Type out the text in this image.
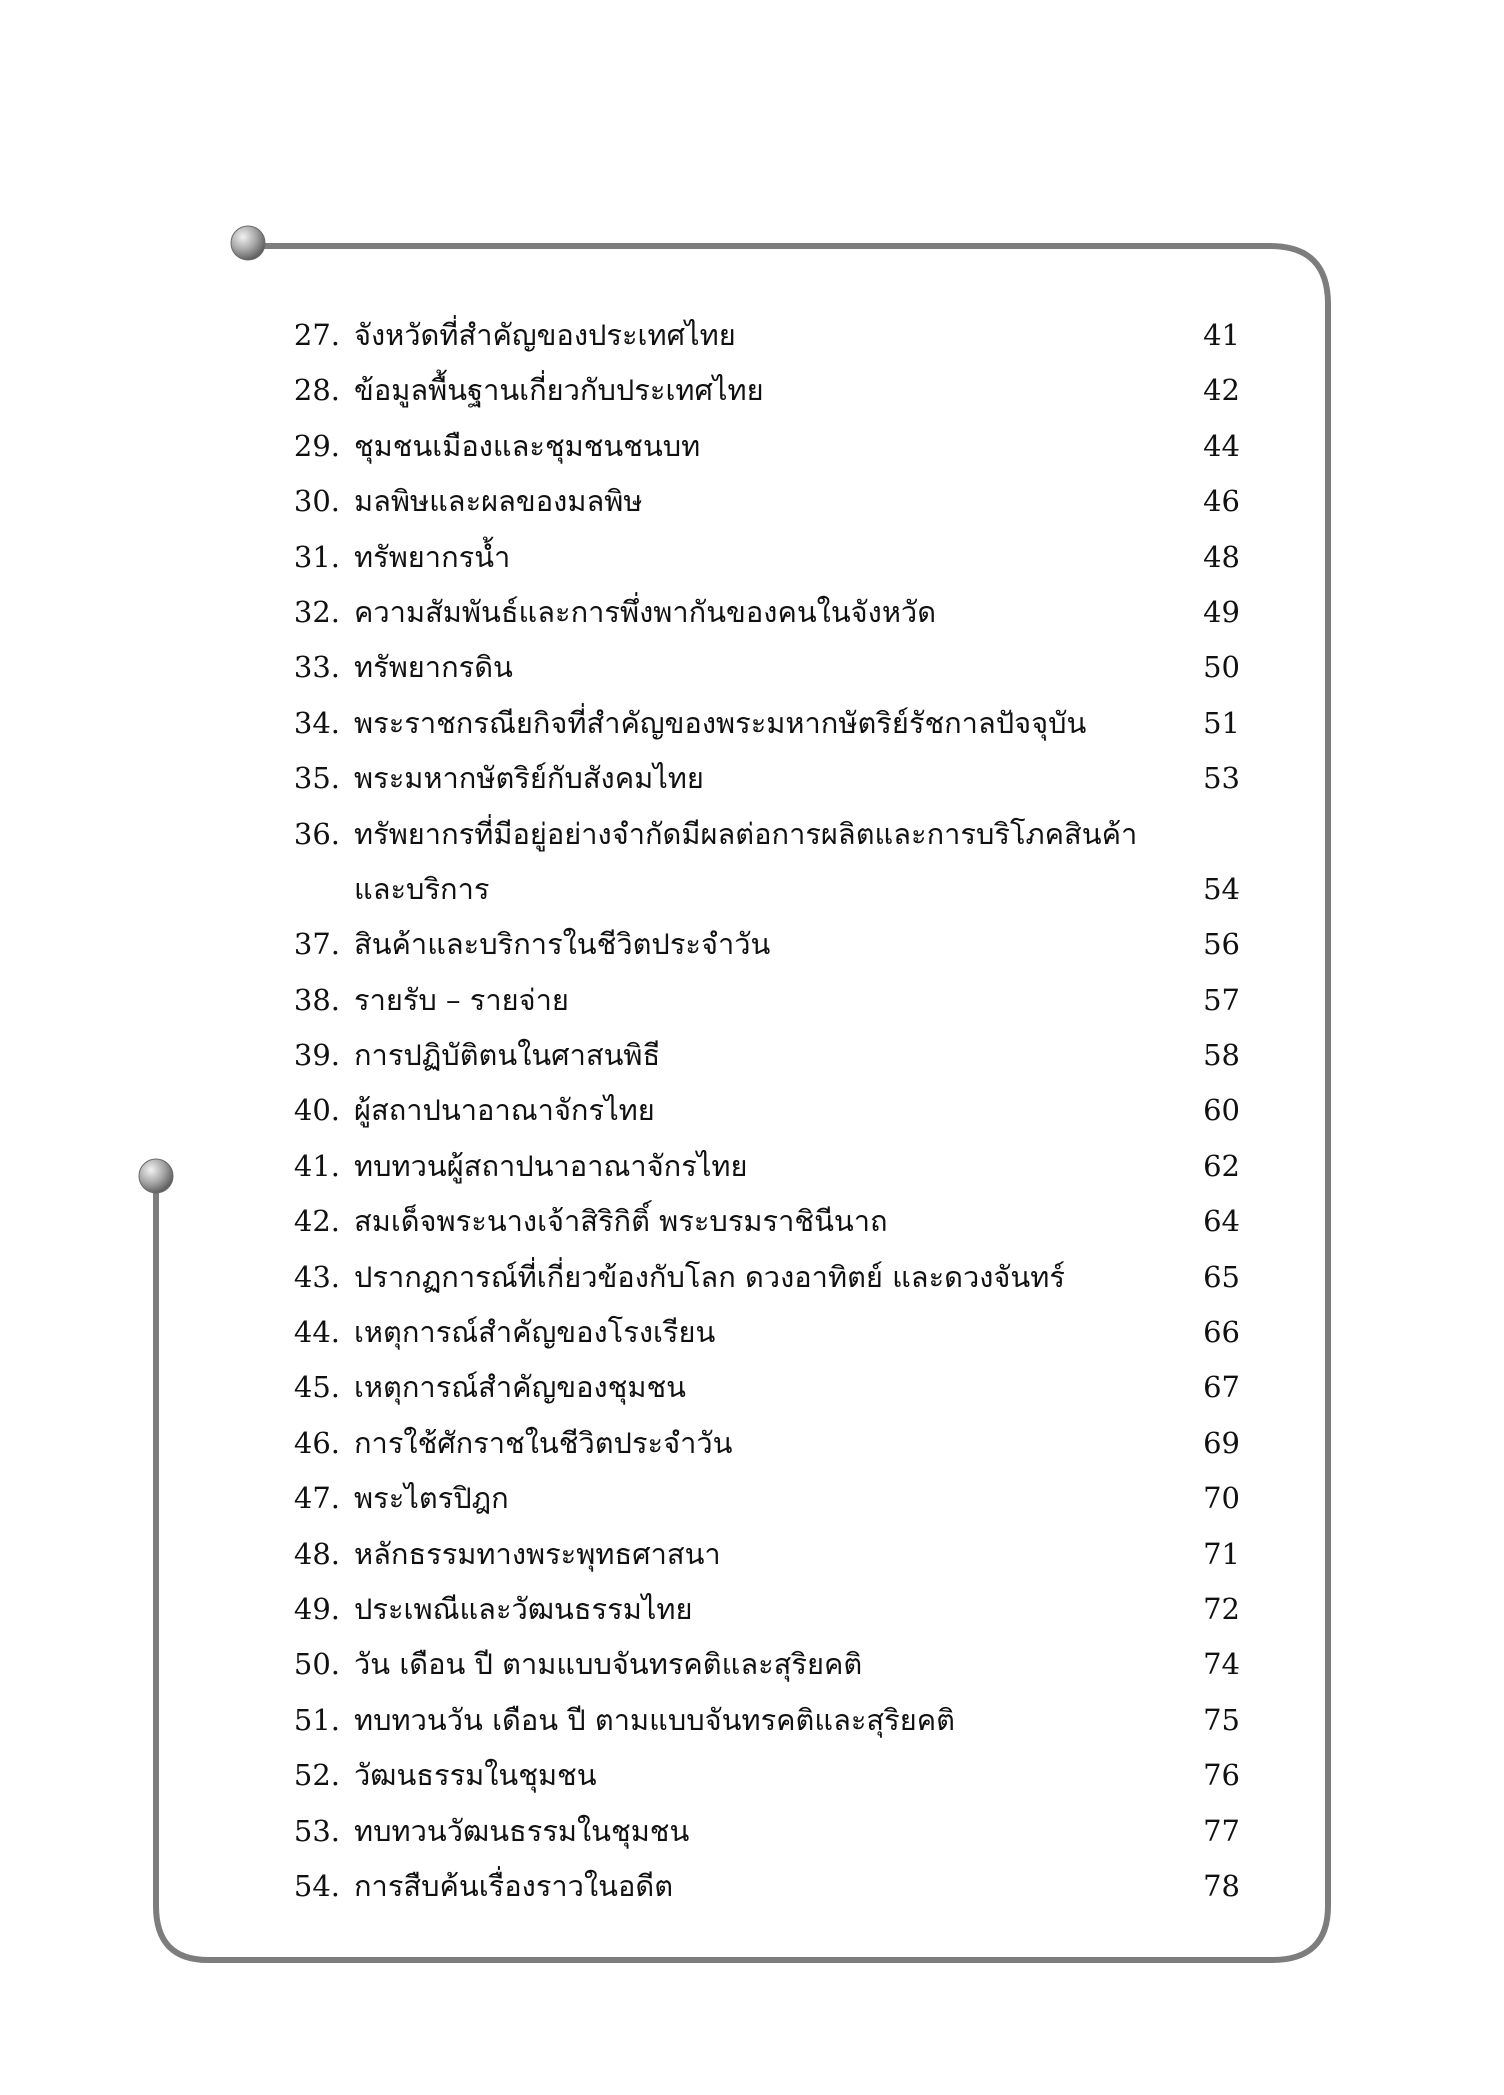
27. จังหวัดที่สำคัญของประเทศไทย	41
28. ข้อมูลพื้นฐานเกี่ยวกับประเทศไทย	42
29. ชุมชนเมืองและชุมชนชนบท	44
30. มลพิษและผลของมลพิษ	46
31. ทรัพยากรน้ำ	48
32. ความสัมพันธ์และการพึ่งพากันของคนในจังหวัด	49
33. ทรัพยากรดิน	50
34. พระราชกรณียกิจที่สำคัญของพระมหากษัตริย์รัชกาลปัจจุบัน	51
35. พระมหากษัตริย์กับสังคมไทย	53
36. ทรัพยากรที่มีอยู่อย่างจำกัดมีผลต่อการผลิตและการบริโภคสินค้า
และบริการ	54
37. สินค้าและบริการในชีวิตประจำวัน	56
38. รายรับ – รายจ่าย	57
39. การปฏิบัติตนในศาสนพิธี	58
40. ผู้สถาปนาอาณาจักรไทย	60
41. ทบทวนผู้สถาปนาอาณาจักรไทย	62
42. สมเด็จพระนางเจ้าสิริกิติ์ พระบรมราชินีนาถ	64
43. ปรากฏการณ์ที่เกี่ยวข้องกับโลก ดวงอาทิตย์ และดวงจันทร์	65
44. เหตุการณ์สำคัญของโรงเรียน	66
45. เหตุการณ์สำคัญของชุมชน	67
46. การใช้ศักราชในชีวิตประจำวัน	69
47. พระไตรปิฎก	70
48. หลักธรรมทางพระพุทธศาสนา	71
49. ประเพณีและวัฒนธรรมไทย	72
50. วัน เดือน ปี ตามแบบจันทรคติและสุริยคติ	74
51. ทบทวนวัน เดือน ปี ตามแบบจันทรคติและสุริยคติ	75
52. วัฒนธรรมในชุมชน	76
53. ทบทวนวัฒนธรรมในชุมชน	77
54. การสืบค้นเรื่องราวในอดีต	78
